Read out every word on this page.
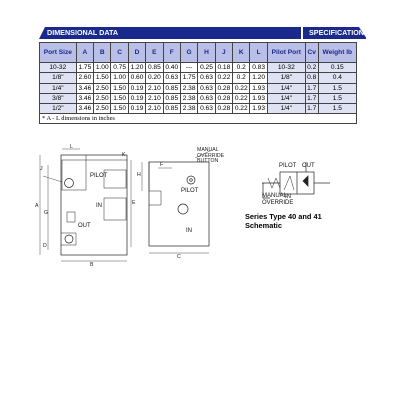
DIMENSIONAL DATA	SPECIFICATIONS
Port Size	A	B	C	D	E	F	G	H	J	K	L	Pilot Port	Cv	Weight lb
10-32	1.75	1.00	0.75	1.20	0.85	0.40	---	0.25	0.18	0.2	0.83	10-32	0.2	0.15
1/8"	2.60	1.50	1.00	0.60	0.20	0.63	1.75	0.63	0.22	0.2	1.20	1/8"	0.8	0.4
1/4"	3.46	2.50	1.50	0.19	2.10	0.85	2.38	0.63	0.28	0.22	1.93	1/4"	1.7	1.5
3/8"	3.46	2.50	1.50	0.19	2.10	0.85	2.38	0.63	0.28	0.22	1.93	1/4"	1.7	1.5
1/2"	3.46	2.50	1.50	0.19	2.10	0.85	2.38	0.63	0.28	0.22	1.93	1/4"	1.7	1.5
* A - L dimensions in inches														
PILOT
IN
OUT
J
K
A
G
E
D
B
L	MANUAL OVERRIDE BUTTON
PILOT
IN
H
F
C
PILOT OUT
IN
MANUAL OVERRIDE
Series Type 40 and 41
Schematic
